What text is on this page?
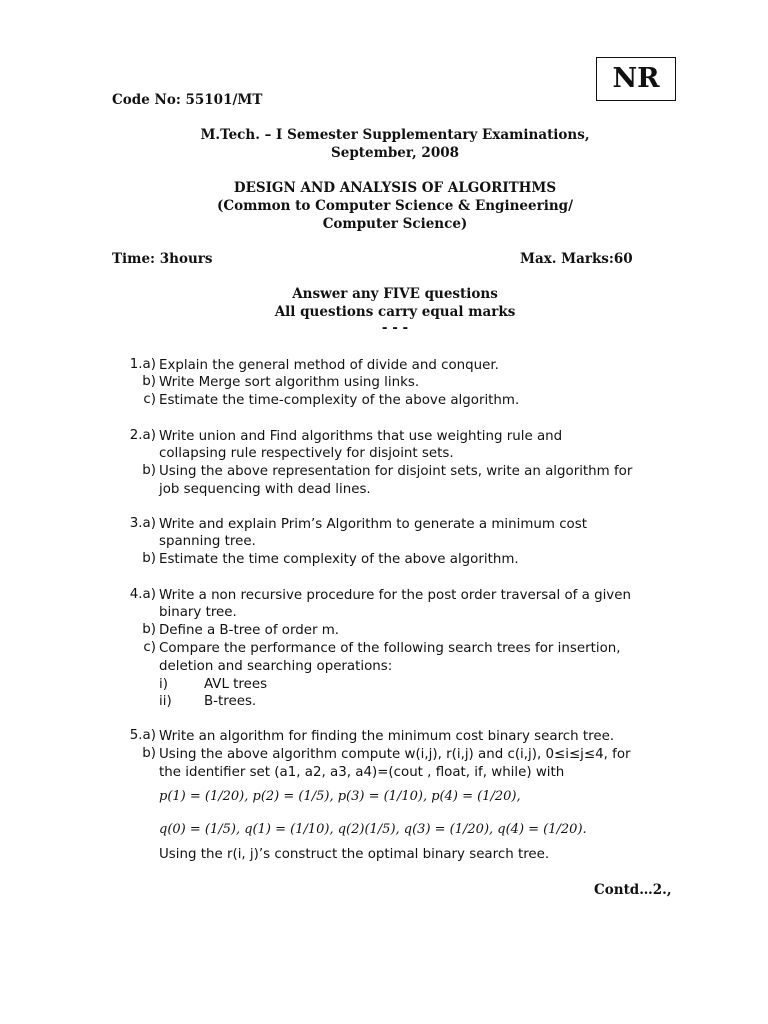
NR
Code No: 55101/MT
M.Tech. – I Semester Supplementary Examinations,
September, 2008
DESIGN AND ANALYSIS OF ALGORITHMS
(Common to Computer Science & Engineering/
Computer Science)
Time: 3hours	Max. Marks:60
Answer any FIVE questions
All questions carry equal marks
- - -
1.a) Explain the general method of divide and conquer.
b) Write Merge sort algorithm using links.
c) Estimate the time-complexity of the above algorithm.
2.a) Write union and Find algorithms that use weighting rule and
collapsing rule respectively for disjoint sets.
b) Using the above representation for disjoint sets, write an algorithm for
job sequencing with dead lines.
3.a) Write and explain Prim’s Algorithm to generate a minimum cost
spanning tree.
b) Estimate the time complexity of the above algorithm.
4.a) Write a non recursive procedure for the post order traversal of a given
binary tree.
b) Define a B-tree of order m.
c) Compare the performance of the following search trees for insertion,
deletion and searching operations:
i)	AVL trees
ii) B-trees.
5.a) Write an algorithm for finding the minimum cost binary search tree.
b) Using the above algorithm compute w(i,j), r(i,j) and c(i,j), 0≤i≤j≤4, for
the identifier set (a1, a2, a3, a4)=(cout , float, if, while) with
p(1) = (1/20), p(2) = (1/5), p(3) = (1/10), p(4) = (1/20),
q(0) = (1/5), q(1) = (1/10), q(2)(1/5), q(3) = (1/20), q(4) = (1/20).
Using the r(i, j)’s construct the optimal binary search tree.
Contd…2.,
